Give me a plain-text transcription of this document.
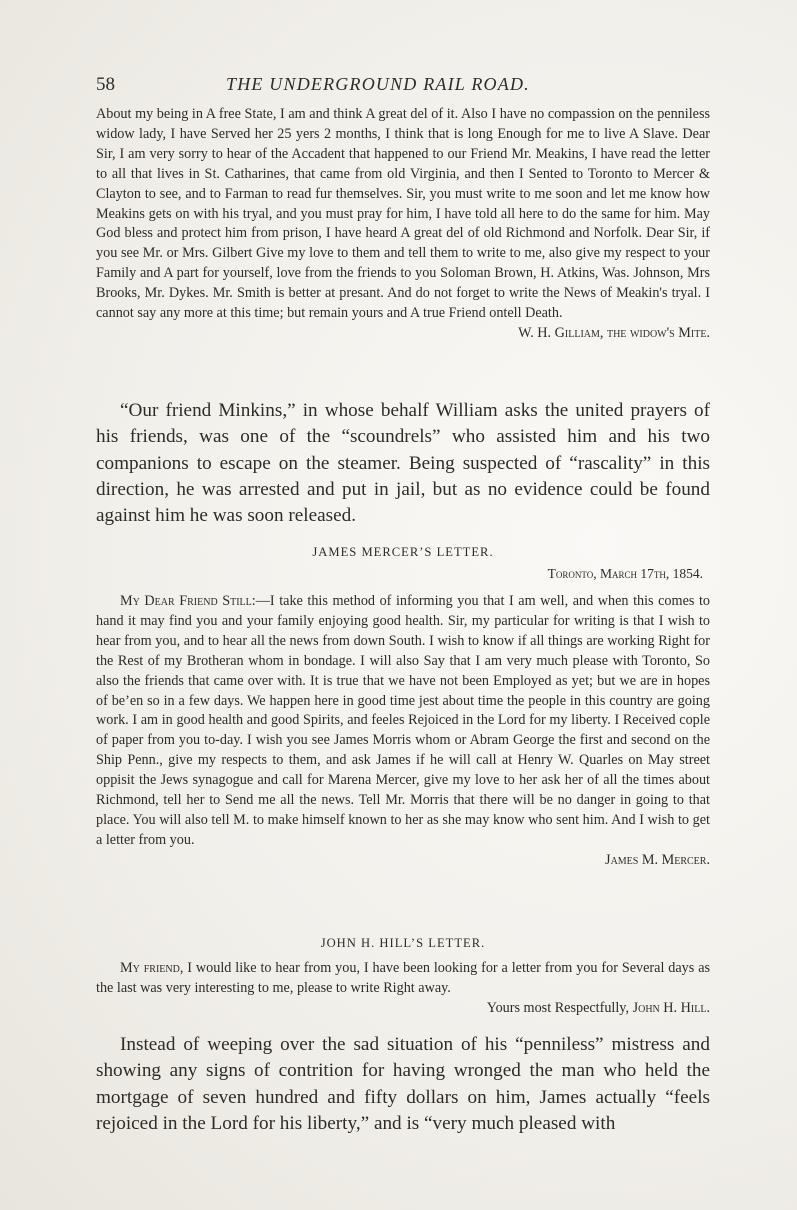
58	THE UNDERGROUND RAIL ROAD.

About my being in A free State, I am and think A great del of it. Also I have no compassion on the penniless widow lady, I have Served her 25 yers 2 months, I think that is long Enough for me to live A Slave. Dear Sir, I am very sorry to hear of the Accadent that happened to our Friend Mr. Meakins, I have read the letter to all that lives in St. Catharines, that came from old Virginia, and then I Sented to Toronto to Mercer & Clayton to see, and to Farman to read fur themselves. Sir, you must write to me soon and let me know how Meakins gets on with his tryal, and you must pray for him, I have told all here to do the same for him. May God bless and protect him from prison, I have heard A great del of old Richmond and Norfolk. Dear Sir, if you see Mr. or Mrs. Gilbert Give my love to them and tell them to write to me, also give my respect to your Family and A part for yourself, love from the friends to you Soloman Brown, H. Atkins, Was. Johnson, Mrs Brooks, Mr. Dykes. Mr. Smith is better at presant. And do not forget to write the News of Meakin's tryal. I cannot say any more at this time; but remain yours and A true Friend ontell Death.
W. H. Gilliam, the widow's Mite.

“Our friend Minkins,” in whose behalf William asks the united prayers of his friends, was one of the “scoundrels” who assisted him and his two companions to escape on the steamer. Being suspected of “rascality” in this direction, he was arrested and put in jail, but as no evidence could be found against him he was soon released.

JAMES MERCER’S LETTER.
Toronto, March 17th, 1854.

My Dear Friend Still:—I take this method of informing you that I am well, and when this comes to hand it may find you and your family enjoying good health. Sir, my particular for writing is that I wish to hear from you, and to hear all the news from down South. I wish to know if all things are working Right for the Rest of my Brotheran whom in bondage. I will also Say that I am very much please with Toronto, So also the friends that came over with. It is true that we have not been Employed as yet; but we are in hopes of be’en so in a few days. We happen here in good time jest about time the people in this country are going work. I am in good health and good Spirits, and feeles Rejoiced in the Lord for my liberty. I Received cople of paper from you to-day. I wish you see James Morris whom or Abram George the first and second on the Ship Penn., give my respects to them, and ask James if he will call at Henry W. Quarles on May street oppisit the Jews synagogue and call for Marena Mercer, give my love to her ask her of all the times about Richmond, tell her to Send me all the news. Tell Mr. Morris that there will be no danger in going to that place. You will also tell M. to make himself known to her as she may know who sent him. And I wish to get a letter from you.

James M. Mercer.

JOHN H. HILL’S LETTER.

My friend, I would like to hear from you, I have been looking for a letter from you for Several days as the last was very interesting to me, please to write Right away.

Yours most Respectfully, John H. Hill.

Instead of weeping over the sad situation of his “penniless” mistress and showing any signs of contrition for having wronged the man who held the mortgage of seven hundred and fifty dollars on him, James actually “feels rejoiced in the Lord for his liberty,” and is “very much pleased with
